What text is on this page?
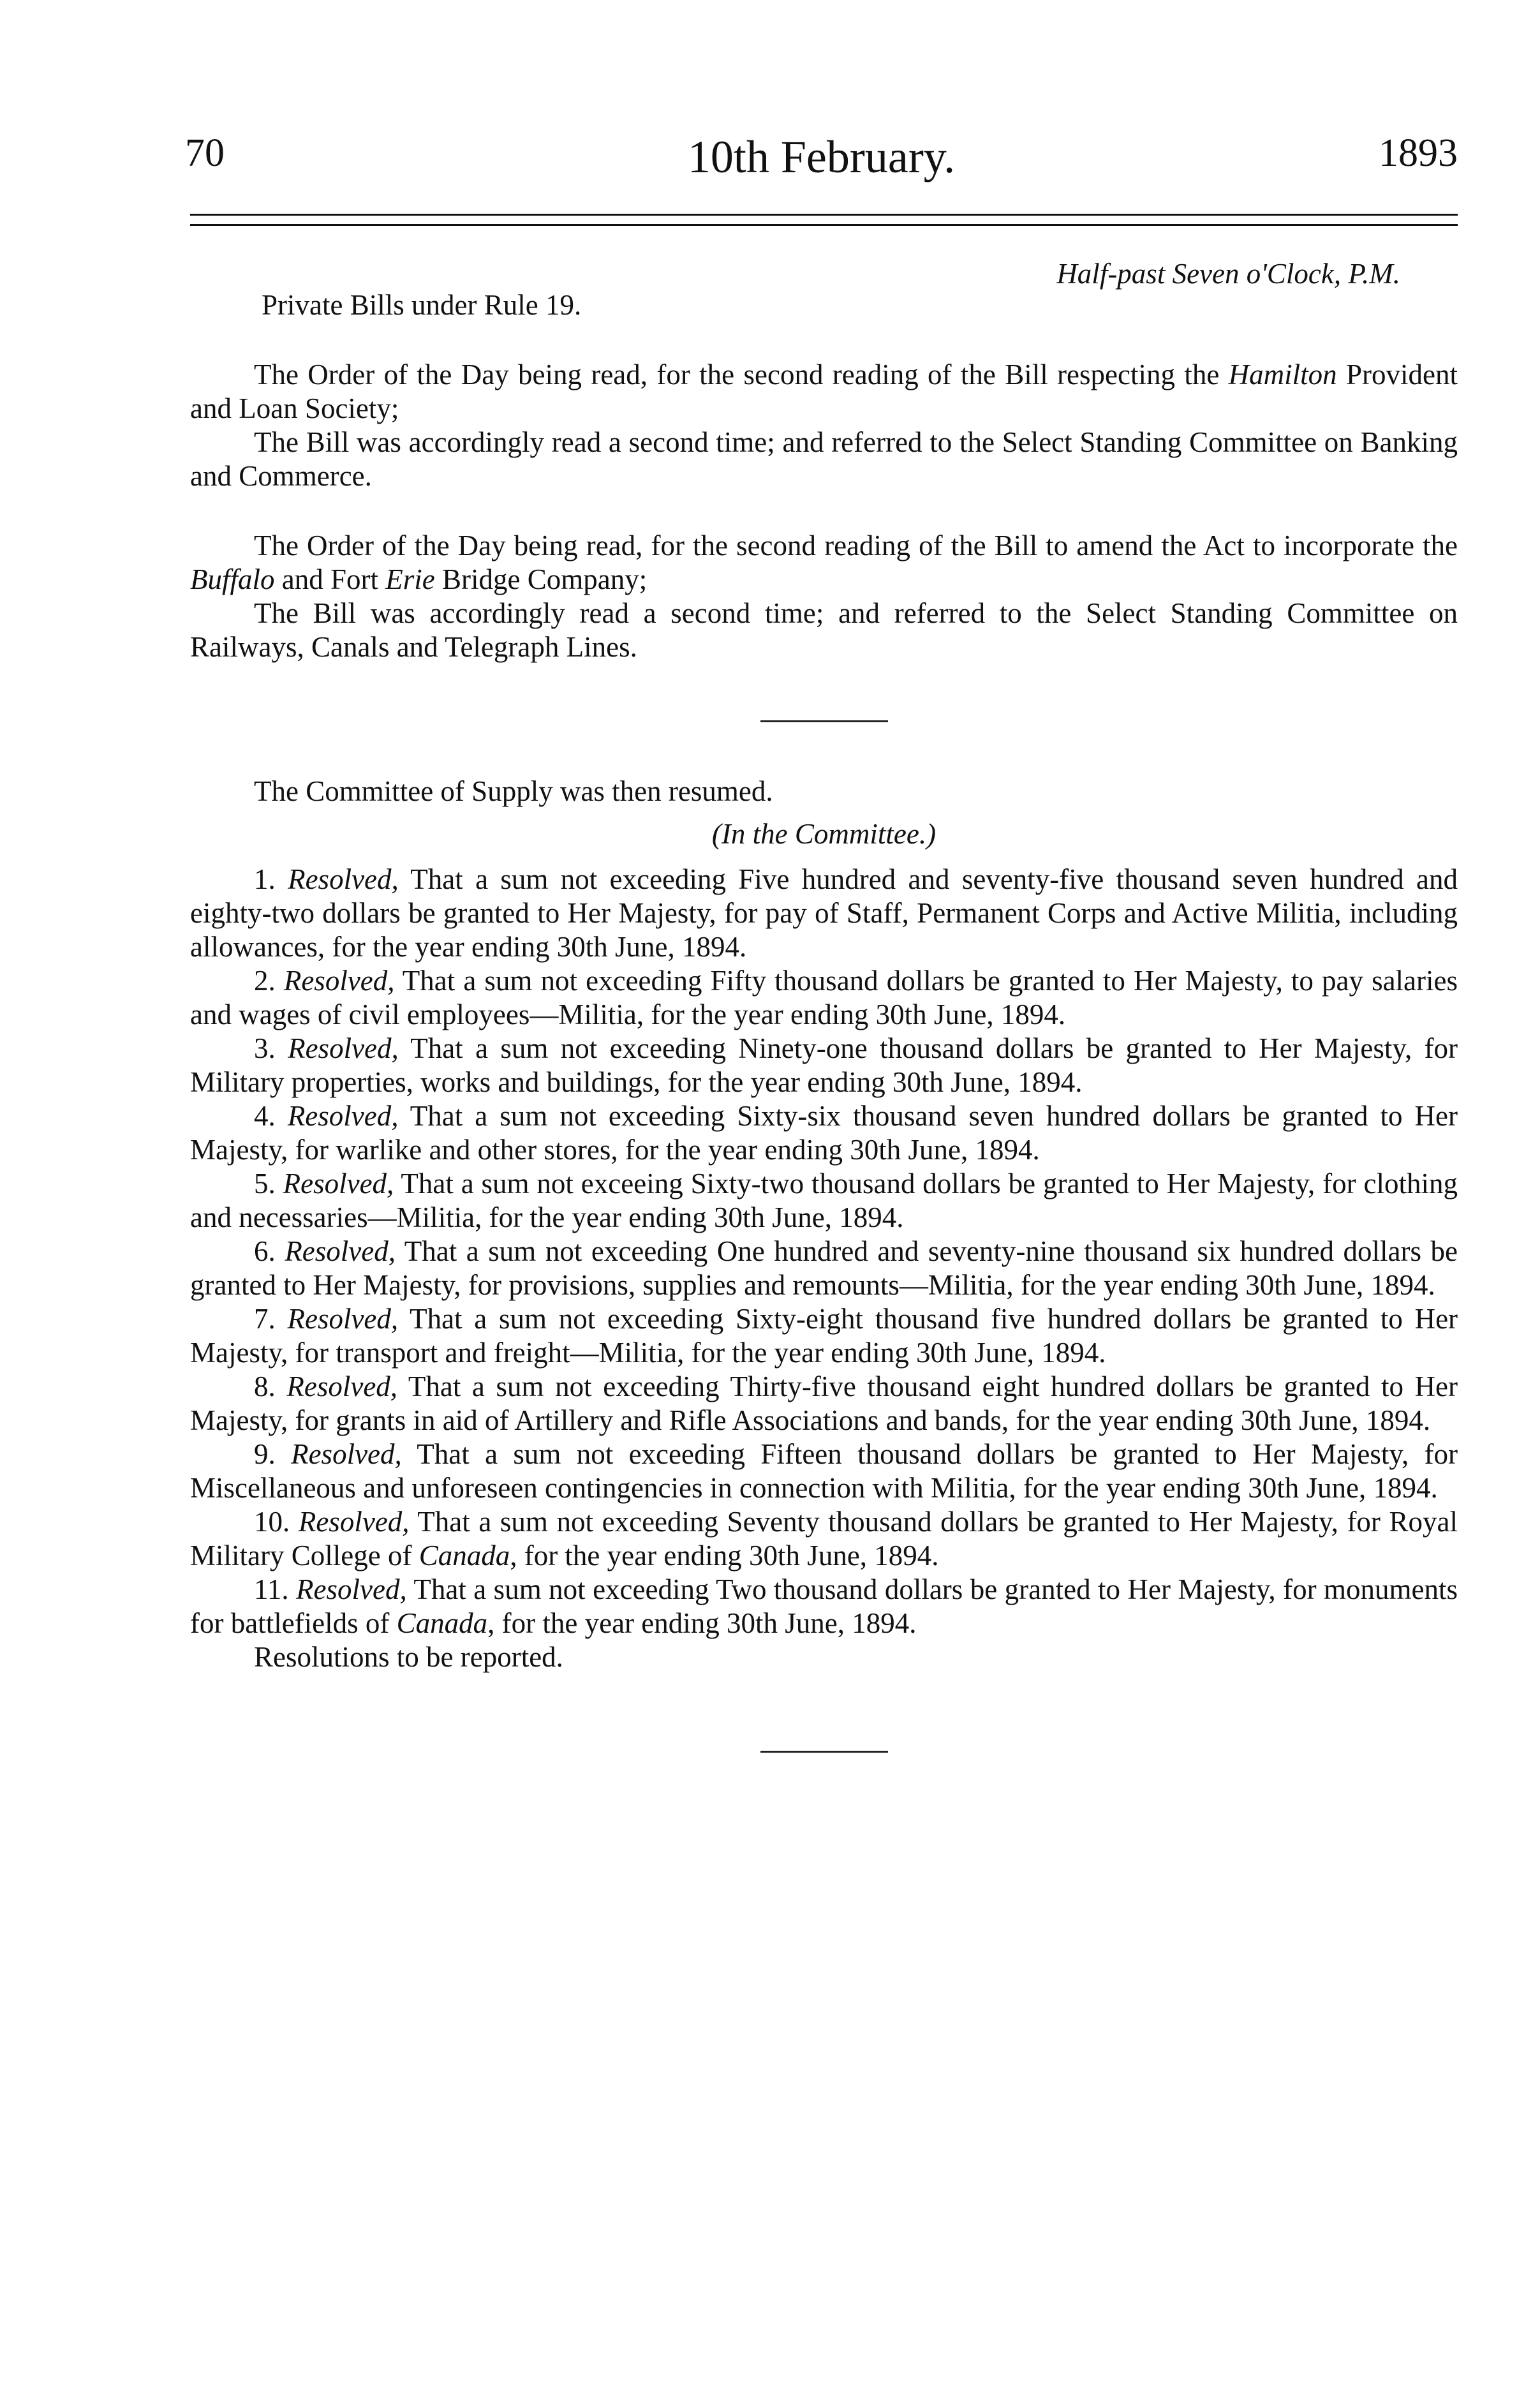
70	10th February.	1893
Half-past Seven o'Clock, P.M.
Private Bills under Rule 19.
The Order of the Day being read, for the second reading of the Bill respecting the Hamilton Provident and Loan Society;
The Bill was accordingly read a second time; and referred to the Select Standing Committee on Banking and Commerce.
The Order of the Day being read, for the second reading of the Bill to amend the Act to incorporate the Buffalo and Fort Erie Bridge Company;
The Bill was accordingly read a second time; and referred to the Select Standing Committee on Railways, Canals and Telegraph Lines.
The Committee of Supply was then resumed.
(In the Committee.)
1. Resolved, That a sum not exceeding Five hundred and seventy-five thousand seven hundred and eighty-two dollars be granted to Her Majesty, for pay of Staff, Permanent Corps and Active Militia, including allowances, for the year ending 30th June, 1894.
2. Resolved, That a sum not exceeding Fifty thousand dollars be granted to Her Majesty, to pay salaries and wages of civil employees—Militia, for the year ending 30th June, 1894.
3. Resolved, That a sum not exceeding Ninety-one thousand dollars be granted to Her Majesty, for Military properties, works and buildings, for the year ending 30th June, 1894.
4. Resolved, That a sum not exceeding Sixty-six thousand seven hundred dollars be granted to Her Majesty, for warlike and other stores, for the year ending 30th June, 1894.
5. Resolved, That a sum not exceeing Sixty-two thousand dollars be granted to Her Majesty, for clothing and necessaries—Militia, for the year ending 30th June, 1894.
6. Resolved, That a sum not exceeding One hundred and seventy-nine thousand six hundred dollars be granted to Her Majesty, for provisions, supplies and remounts—Militia, for the year ending 30th June, 1894.
7. Resolved, That a sum not exceeding Sixty-eight thousand five hundred dollars be granted to Her Majesty, for transport and freight—Militia, for the year ending 30th June, 1894.
8. Resolved, That a sum not exceeding Thirty-five thousand eight hundred dollars be granted to Her Majesty, for grants in aid of Artillery and Rifle Associations and bands, for the year ending 30th June, 1894.
9. Resolved, That a sum not exceeding Fifteen thousand dollars be granted to Her Majesty, for Miscellaneous and unforeseen contingencies in connection with Militia, for the year ending 30th June, 1894.
10. Resolved, That a sum not exceeding Seventy thousand dollars be granted to Her Majesty, for Royal Military College of Canada, for the year ending 30th June, 1894.
11. Resolved, That a sum not exceeding Two thousand dollars be granted to Her Majesty, for monuments for battlefields of Canada, for the year ending 30th June, 1894.
Resolutions to be reported.
